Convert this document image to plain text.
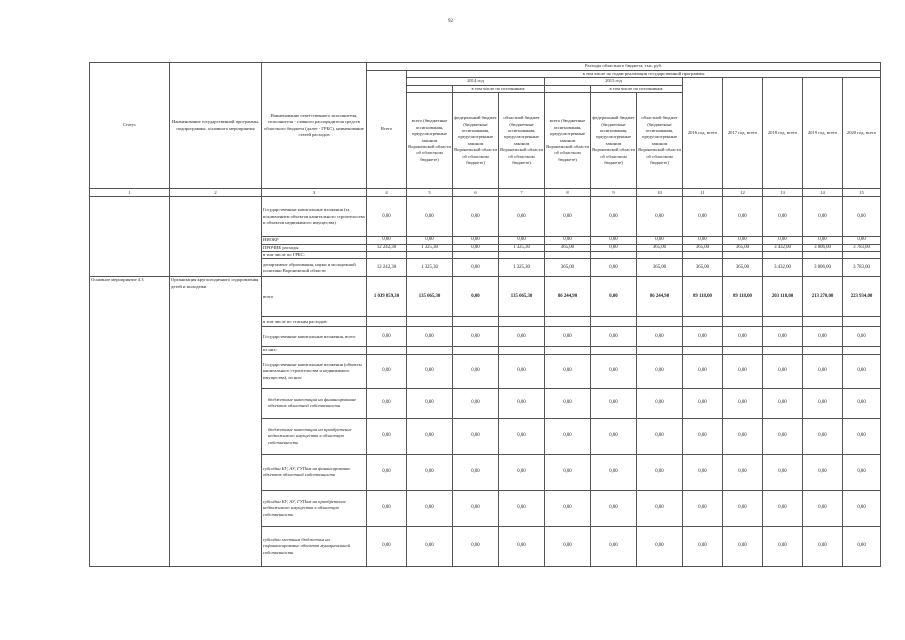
92
Статус	Наименование государственной программы, подпрограммы, основного мероприятия	Наименование ответственного исполнителя, исполнителя - главного распорядителя средств областного бюджета (далее - ГРБС), наименование статей расходов	Расходы областного бюджета, тыс. руб.											
			Всего	в том числе по годам реализации государственной программы										
				2014 год			2015 год			2016 год, всего	2017 год, всего	2018 год, всего	2019 год, всего	2020 год, всего
					в том числе по источникам:			в том числе по источникам:						
				всего (бюджетные ассигнования, предусмотренные законом Воронежской области об областном бюджете)	федеральный бюджет (бюджетные ассигнования, предусмотренные законом Воронежской области об областном бюджете)	областной бюджет (бюджетные ассигнования, предусмотренные законом Воронежской области об областном бюджете)	всего (бюджетные ассигнования, предусмотренные законом Воронежской области об областном бюджете)	федеральный бюджет (бюджетные ассигнования, предусмотренные законом Воронежской области об областном бюджете)	областной бюджет (бюджетные ассигнования, предусмотренные законом Воронежской области об областном бюджете)					
1	2	3	4	5	6	7	8	9	10	11	12	13	14	15
		Государственные капитальные вложения (за исключением объектов капитального строительства и объектов недвижимого имущества)	0,00	0,00	0,00	0,00	0,00	0,00	0,00	0,00	0,00	0,00	0,00	0,00
		НИОКР	0,00	0,00	0,00	0,00	0,00	0,00	0,00	0,00	0,00	0,00	0,00	0,00
		ПРОЧИЕ расходы	12 242,30	1 325,30	0,00	1 325,30	365,00	0,00	365,00	365,00	365,00	3 432,00	3 006,00	3 783,00
		в том числе по ГРБС:												
		департамент образования, науки и молодежной политики Воронежской области	12 242,30	1 325,30	0,00	1 325,30	365,00	0,00	365,00	365,00	365,00	3 432,00	3 006,00	3 783,00
Основное мероприятие 4.3	Организация круглогодичного оздоровления детей и молодежи	всего	1 039 859,30	135 065,30	0,00	135 065,30	86 244,90	0,00	86 244,90	89 118,00	89 118,00	203 118,00	213 270,00	223 934,00
		в том числе по статьям расходов:												
		Государственные капитальные вложения, всего	0,00	0,00	0,00	0,00	0,00	0,00	0,00	0,00	0,00	0,00	0,00	0,00
		из них:												
		Государственные капитальные вложения (объекты капитального строительства и недвижимого имущества), из них:	0,00	0,00	0,00	0,00	0,00	0,00	0,00	0,00	0,00	0,00	0,00	0,00
		бюджетные инвестиции на финансирование объектов областной собственности	0,00	0,00	0,00	0,00	0,00	0,00	0,00	0,00	0,00	0,00	0,00	0,00
		бюджетные инвестиции на приобретение недвижимого имущества в областную собственность	0,00	0,00	0,00	0,00	0,00	0,00	0,00	0,00	0,00	0,00	0,00	0,00
		субсидии БУ, АУ, ГУПам на финансирование объектов областной собственности	0,00	0,00	0,00	0,00	0,00	0,00	0,00	0,00	0,00	0,00	0,00	0,00
		субсидии БУ, АУ, ГУПам на приобретение недвижимого имущества в областную собственность	0,00	0,00	0,00	0,00	0,00	0,00	0,00	0,00	0,00	0,00	0,00	0,00
		субсидии местным бюджетам на софинансирование объектов муниципальной собственности	0,00	0,00	0,00	0,00	0,00	0,00	0,00	0,00	0,00	0,00	0,00	0,00
